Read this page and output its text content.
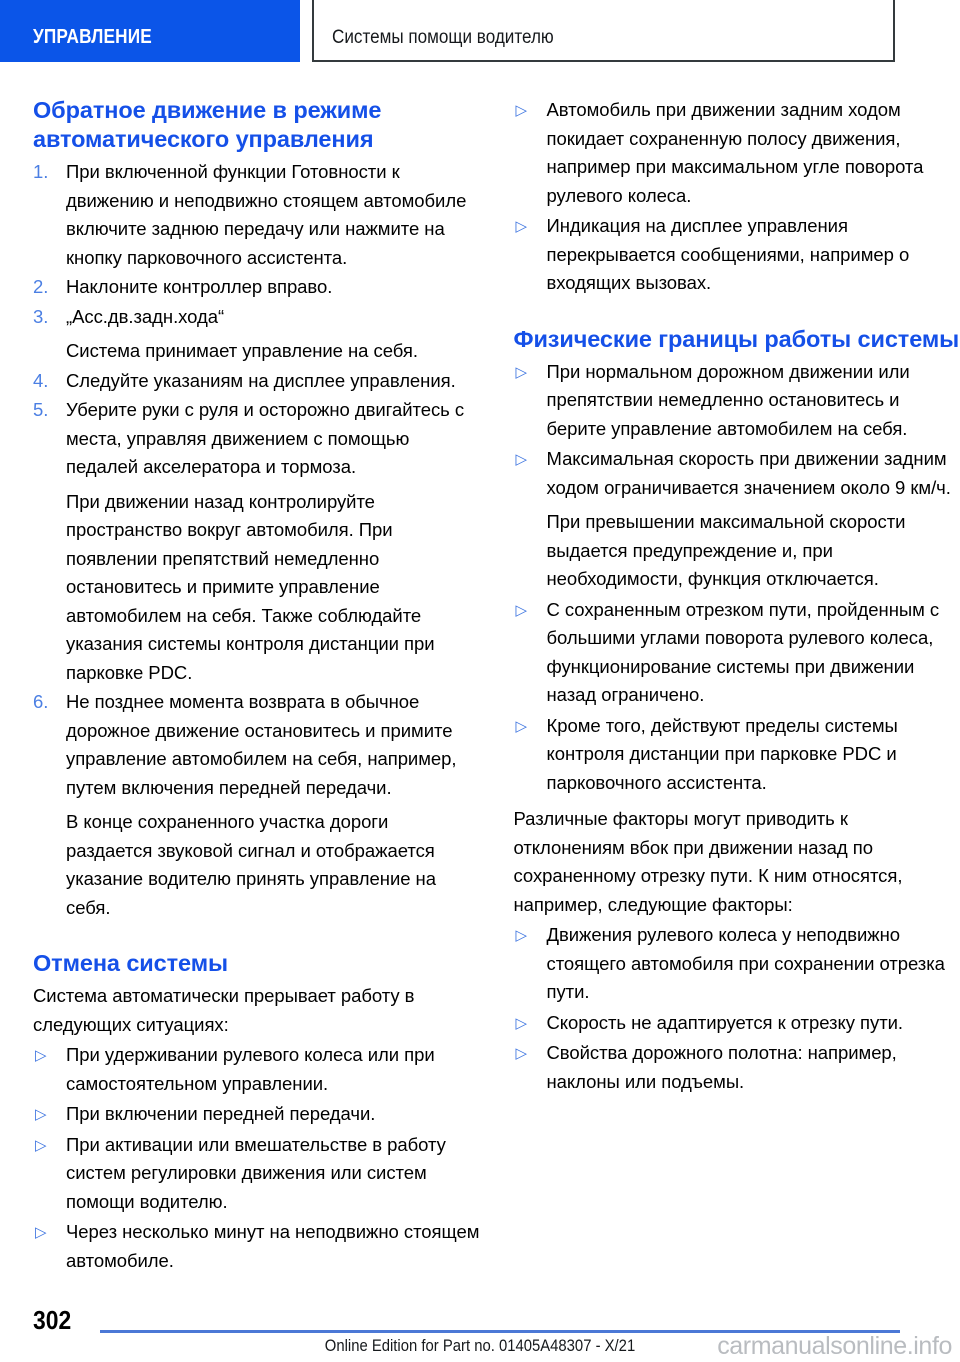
УПРАВЛЕНИЕ	Системы помощи водителю
Обратное движение в режиме автоматического управления
1. При включенной функции Готовности к движению и неподвижно стоящем автомобиле включите заднюю передачу или нажмите на кнопку парковочного ассистента.
2. Наклоните контроллер вправо.
3. „Асс.дв.задн.хода“
Система принимает управление на себя.
4. Следуйте указаниям на дисплее управления.
5. Уберите руки с руля и осторожно двигайтесь с места, управляя движением с помощью педалей акселератора и тормоза.
При движении назад контролируйте пространство вокруг автомобиля. При появлении препятствий немедленно остановитесь и примите управление автомобилем на себя. Также соблюдайте указания системы контроля дистанции при парковке PDC.
6. Не позднее момента возврата в обычное дорожное движение остановитесь и примите управление автомобилем на себя, например, путем включения передней передачи.
В конце сохраненного участка дороги раздается звуковой сигнал и отображается указание водителю принять управление на себя.
Отмена системы

Система автоматически прерывает работу в следующих ситуациях:

▷ При удерживании рулевого колеса или при самостоятельном управлении.
▷ При включении передней передачи.
▷ При активации или вмешательстве в работу систем регулировки движения или систем помощи водителю.
▷ Через несколько минут на неподвижно стоящем автомобиле.
▷ Автомобиль при движении задним ходом покидает сохраненную полосу движения, например при максимальном угле поворота рулевого колеса.
▷ Индикация на дисплее управления перекрывается сообщениями, например о входящих вызовах.
Физические границы работы системы
▷ При нормальном дорожном движении или препятствии немедленно остановитесь и берите управление автомобилем на себя.
▷ Максимальная скорость при движении задним ходом ограничивается значением около 9 км/ч.
При превышении максимальной скорости выдается предупреждение и, при необходимости, функция отключается.
▷ С сохраненным отрезком пути, пройденным с большими углами поворота рулевого колеса, функционирование системы при движении назад ограничено.
▷ Кроме того, действуют пределы системы контроля дистанции при парковке PDC и парковочного ассистента.

Различные факторы могут приводить к отклонениям вбок при движении назад по сохраненному отрезку пути. К ним относятся, например, следующие факторы:

▷ Движения рулевого колеса у неподвижно стоящего автомобиля при сохранении отрезка пути.
▷ Скорость не адаптируется к отрезку пути.
▷ Свойства дорожного полотна: например, наклоны или подъемы.
302
Online Edition for Part no. 01405A48307 - X/21	carmanualsonline.info
